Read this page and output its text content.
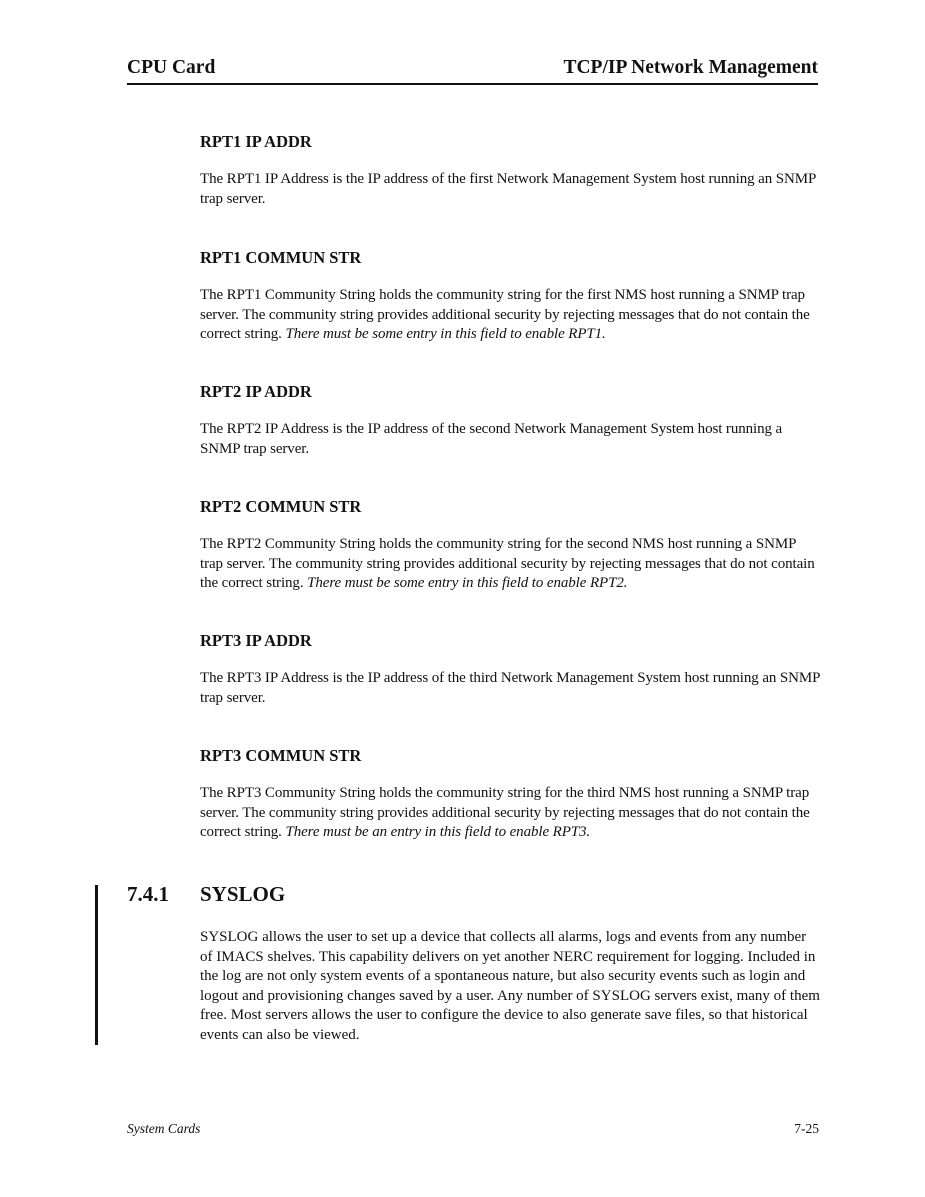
CPU Card	TCP/IP Network Management
RPT1 IP ADDR

The RPT1 IP Address is the IP address of the first Network Management System host running an SNMP trap server.

RPT1 COMMUN STR

The RPT1 Community String holds the community string for the first NMS host running a SNMP trap server. The community string provides additional security by rejecting messages that do not contain the correct string. There must be some entry in this field to enable RPT1.

RPT2 IP ADDR

The RPT2 IP Address is the IP address of the second Network Management System host running a SNMP trap server.

RPT2 COMMUN STR

The RPT2 Community String holds the community string for the second NMS host running a SNMP trap server. The community string provides additional security by rejecting messages that do not contain the correct string. There must be some entry in this field to enable RPT2.

RPT3 IP ADDR

The RPT3 IP Address is the IP address of the third Network Management System host running an SNMP trap server.

RPT3 COMMUN STR

The RPT3 Community String holds the community string for the third NMS host running a SNMP trap server. The community string provides additional security by rejecting messages that do not contain the correct string. There must be an entry in this field to enable RPT3.

7.4.1 SYSLOG

SYSLOG allows the user to set up a device that collects all alarms, logs and events from any number of IMACS shelves. This capability delivers on yet another NERC requirement for logging. Included in the log are not only system events of a spontaneous nature, but also security events such as login and logout and provisioning changes saved by a user. Any number of SYSLOG servers exist, many of them free. Most servers allows the user to configure the device to also generate save files, so that historical events can also be viewed.

System Cards	7-25
